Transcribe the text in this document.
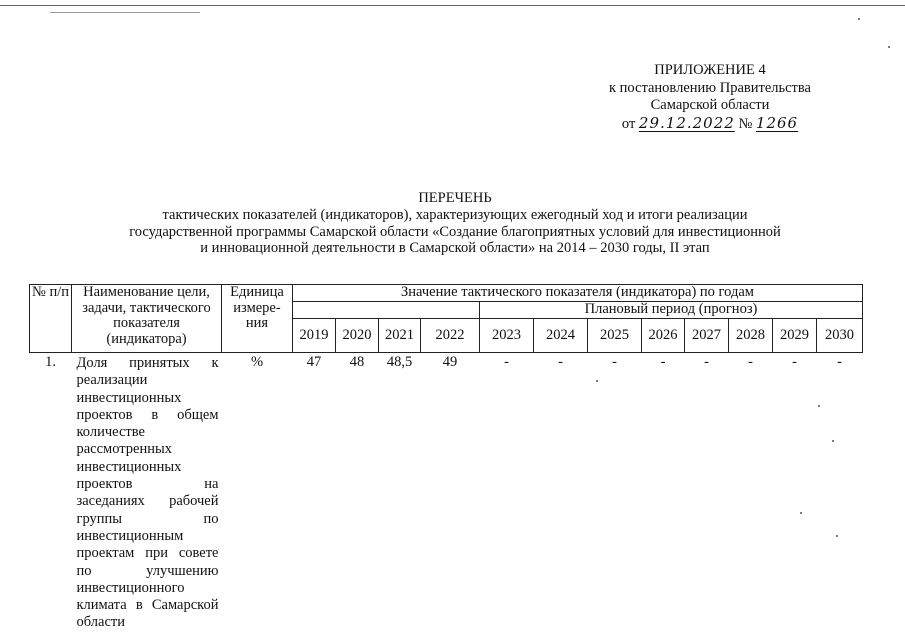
ПРИЛОЖЕНИЕ 4
к постановлению Правительства
Самарской области
от 29.12.2022 № 1266
ПЕРЕЧЕНЬ
тактических показателей (индикаторов), характеризующих ежегодный ход и итоги реализации
государственной программы Самарской области «Создание благоприятных условий для инвестиционной
и инновационной деятельности в Самарской области» на 2014 – 2030 годы, II этап
№ п/п	Наименование цели, задачи, тактического показателя (индикатора)	Единица измере-ния	Значение тактического показателя (индикатора) по годам											
							Плановый период (прогноз)							
			2019	2020	2021	2022	2023	2024	2025	2026	2027	2028	2029	2030
1.	Доля принятых к реализации инвестиционных проектов в общем количестве рассмотренных инвестиционных проектов на заседаниях рабочей группы по инвестиционным проектам при совете по улучшению инвестиционного климата в Самарской области	%	47	48	48,5	49	-	-	-	-	-	-	-	-
